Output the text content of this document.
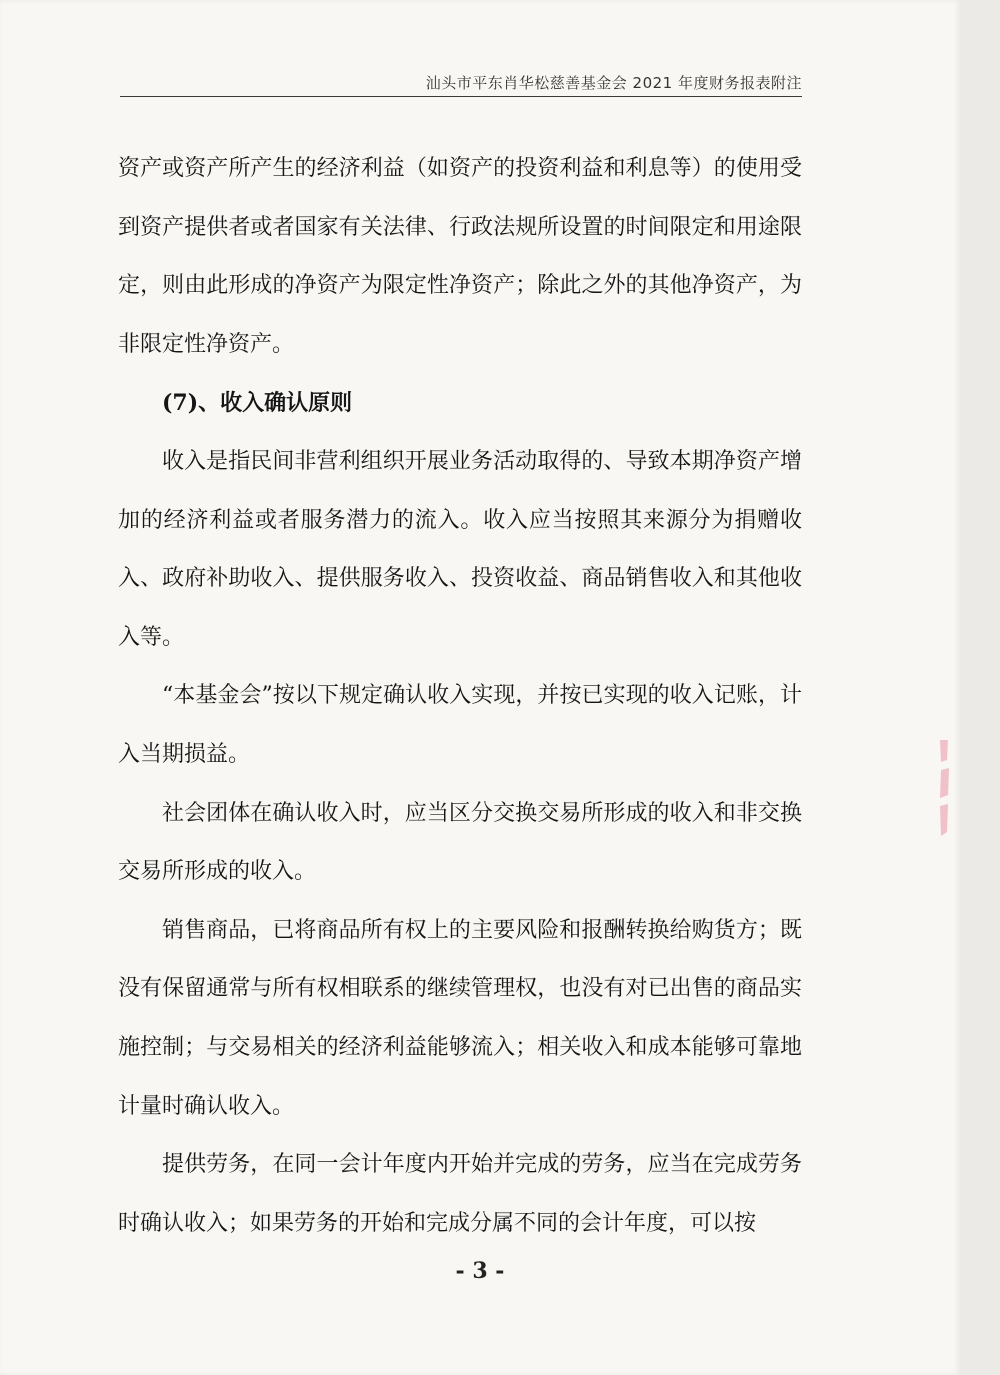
汕头市平东肖华松慈善基金会 2021 年度财务报表附注

资产或资产所产生的经济利益（如资产的投资利益和利息等）的使用受到资产提供者或者国家有关法律、行政法规所设置的时间限定和用途限定，则由此形成的净资产为限定性净资产；除此之外的其他净资产，为非限定性净资产。

(7)、收入确认原则

收入是指民间非营利组织开展业务活动取得的、导致本期净资产增加的经济利益或者服务潜力的流入。收入应当按照其来源分为捐赠收入、政府补助收入、提供服务收入、投资收益、商品销售收入和其他收入等。

“本基金会”按以下规定确认收入实现，并按已实现的收入记账，计入当期损益。

社会团体在确认收入时，应当区分交换交易所形成的收入和非交换交易所形成的收入。

销售商品，已将商品所有权上的主要风险和报酬转换给购货方；既没有保留通常与所有权相联系的继续管理权，也没有对已出售的商品实施控制；与交易相关的经济利益能够流入；相关收入和成本能够可靠地计量时确认收入。

提供劳务，在同一会计年度内开始并完成的劳务，应当在完成劳务时确认收入；如果劳务的开始和完成分属不同的会计年度，可以按

- 3 -
